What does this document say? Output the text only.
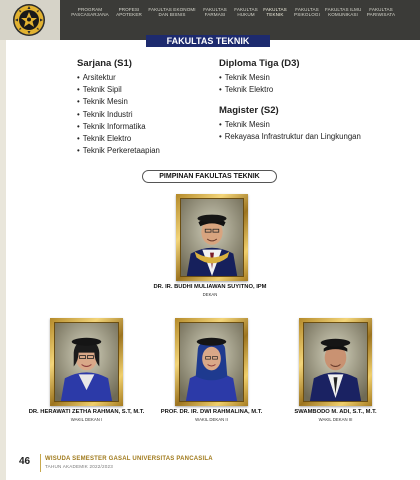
PROGRAM
PASCASARJANA
PROFESI
APOTEKER
FAKULTAS EKONOMI
DAN BISNIS
FAKULTAS
FARMASI
FAKULTAS
HUKUM
FAKULTAS
TEKNIK
FAKULTAS
PSIKOLOGI
FAKULTAS ILMU
KOMUNIKASI
FAKULTAS
PARIWISATA
FAKULTAS TEKNIK
Sarjana (S1)
• Arsitektur
• Teknik Sipil
• Teknik Mesin
• Teknik Industri
• Teknik Informatika
• Teknik Elektro
• Teknik Perkeretaapian
Diploma Tiga (D3)
• Teknik Mesin
• Teknik Elektro
Magister (S2)
• Teknik Mesin
• Rekayasa Infrastruktur dan Lingkungan
PIMPINAN FAKULTAS TEKNIK
DR. IR. BUDHI MULIAWAN SUYITNO, IPM
DEKAN
DR. HERAWATI ZETHA RAHMAN, S.T, M.T.
WAKIL DEKAN I
PROF. DR. IR. DWI RAHMALINA, M.T.
WAKIL DEKAN II
SWAMBODO M. ADI, S.T., M.T.
WAKIL DEKAN III
46 WISUDA SEMESTER GASAL UNIVERSITAS PANCASILA
TAHUN AKADEMIK 2022/2023
